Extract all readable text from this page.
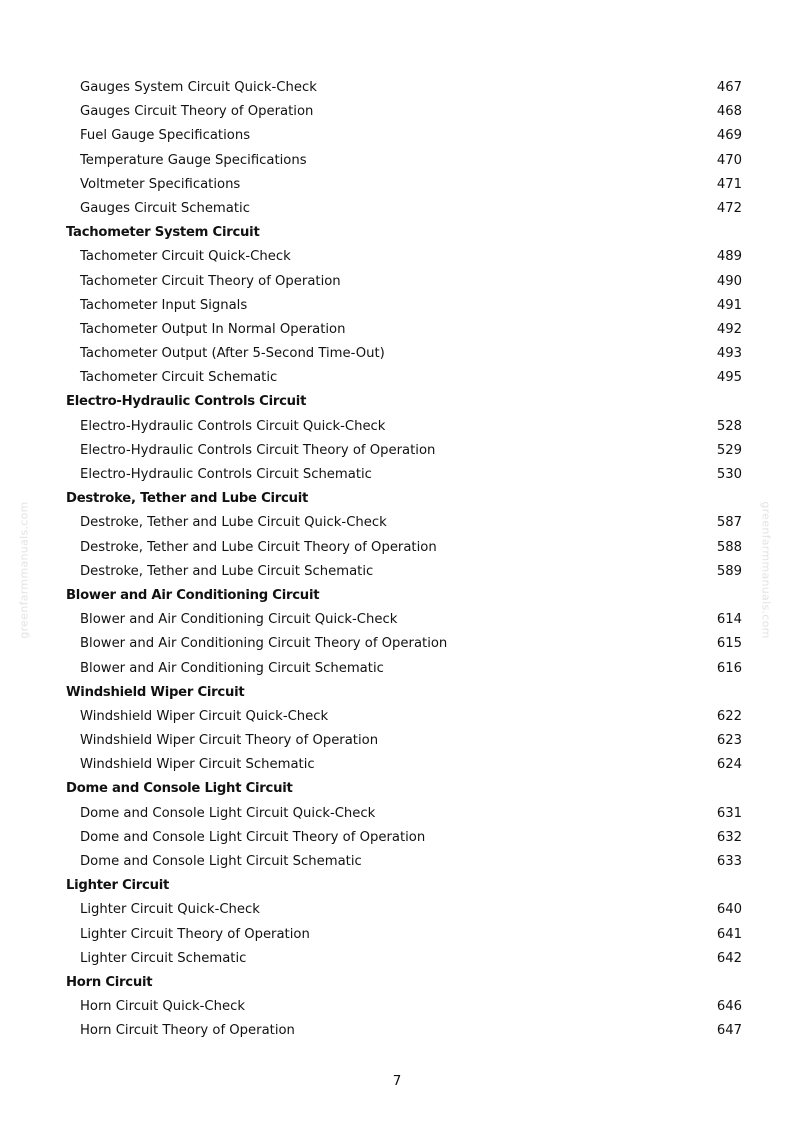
greenfarmmanuals.com	greenfarmmanuals.com
Gauges System Circuit Quick-Check	467
Gauges Circuit Theory of Operation	468
Fuel Gauge Specifications	469
Temperature Gauge Specifications	470
Voltmeter Specifications	471
Gauges Circuit Schematic	472
Tachometer System Circuit
Tachometer Circuit Quick-Check	489
Tachometer Circuit Theory of Operation	490
Tachometer Input Signals	491
Tachometer Output In Normal Operation	492
Tachometer Output (After 5-Second Time-Out)	493
Tachometer Circuit Schematic	495
Electro-Hydraulic Controls Circuit
Electro-Hydraulic Controls Circuit Quick-Check	528
Electro-Hydraulic Controls Circuit Theory of Operation	529
Electro-Hydraulic Controls Circuit Schematic	530
Destroke, Tether and Lube Circuit
Destroke, Tether and Lube Circuit Quick-Check	587
Destroke, Tether and Lube Circuit Theory of Operation	588
Destroke, Tether and Lube Circuit Schematic	589
Blower and Air Conditioning Circuit
Blower and Air Conditioning Circuit Quick-Check	614
Blower and Air Conditioning Circuit Theory of Operation	615
Blower and Air Conditioning Circuit Schematic	616
Windshield Wiper Circuit
Windshield Wiper Circuit Quick-Check	622
Windshield Wiper Circuit Theory of Operation	623
Windshield Wiper Circuit Schematic	624
Dome and Console Light Circuit
Dome and Console Light Circuit Quick-Check	631
Dome and Console Light Circuit Theory of Operation	632
Dome and Console Light Circuit Schematic	633
Lighter Circuit
Lighter Circuit Quick-Check	640
Lighter Circuit Theory of Operation	641
Lighter Circuit Schematic	642
Horn Circuit
Horn Circuit Quick-Check	646
Horn Circuit Theory of Operation	647
7
